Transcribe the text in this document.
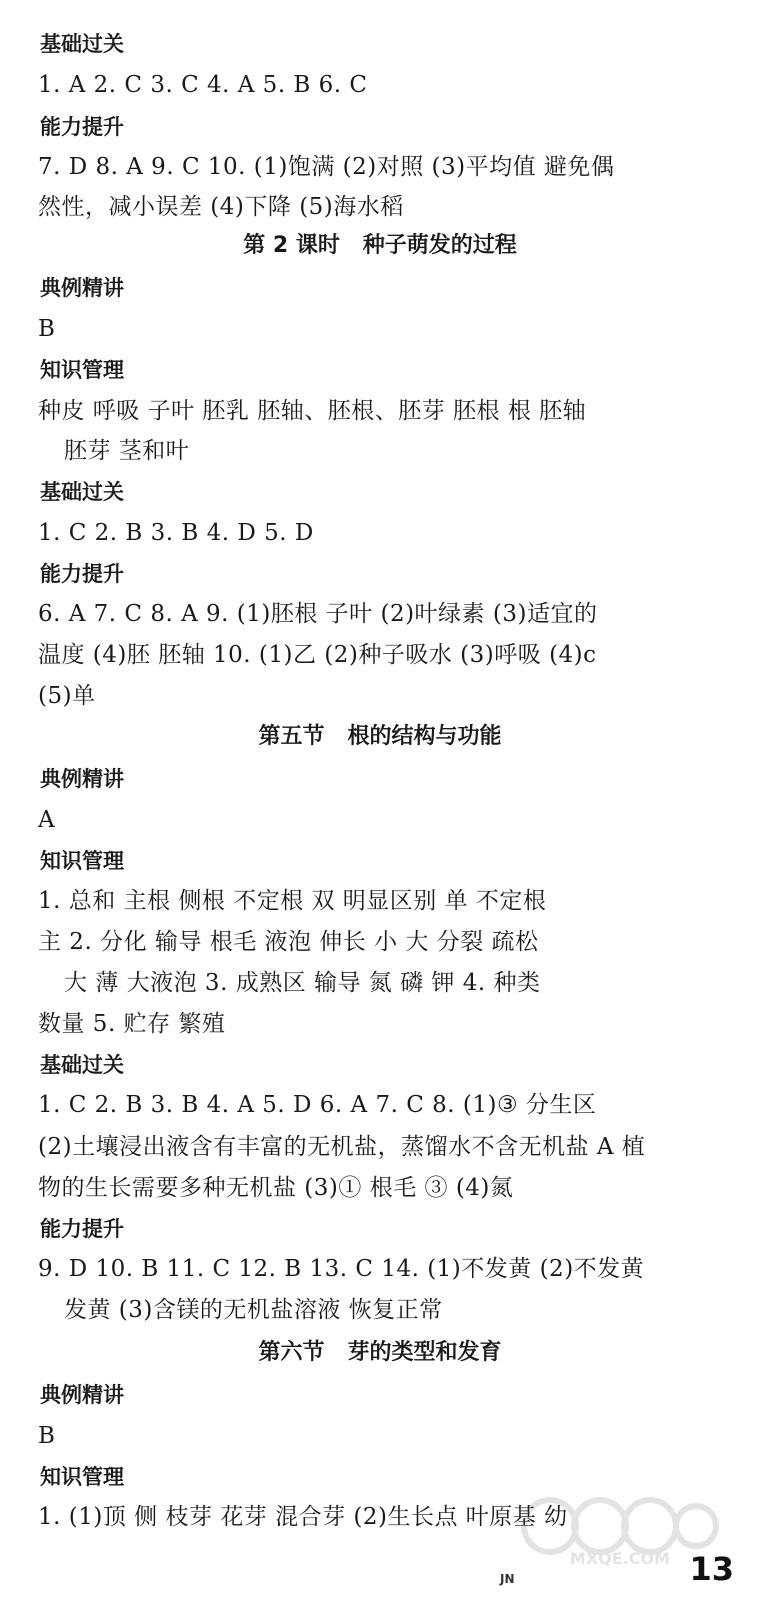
基础过关
1. A 2. C 3. C 4. A 5. B 6. C
能力提升
7. D 8. A 9. C 10. (1)饱满 (2)对照 (3)平均值 避免偶
然性，减小误差 (4)下降 (5)海水稻
第 2 课时   种子萌发的过程
典例精讲
B
知识管理
种皮 呼吸 子叶 胚乳 胚轴、胚根、胚芽 胚根 根 胚轴
胚芽 茎和叶
基础过关
1. C 2. B 3. B 4. D 5. D
能力提升
6. A 7. C 8. A 9. (1)胚根 子叶 (2)叶绿素 (3)适宜的
温度 (4)胚 胚轴 10. (1)乙 (2)种子吸水 (3)呼吸 (4)c
(5)单
第五节   根的结构与功能
典例精讲
A
知识管理
1. 总和 主根 侧根 不定根 双 明显区别 单 不定根
主 2. 分化 输导 根毛 液泡 伸长 小 大 分裂 疏松
大 薄 大液泡 3. 成熟区 输导 氮 磷 钾 4. 种类
数量 5. 贮存 繁殖
基础过关
1. C 2. B 3. B 4. A 5. D 6. A 7. C 8. (1)③ 分生区
(2)土壤浸出液含有丰富的无机盐，蒸馏水不含无机盐 A 植
物的生长需要多种无机盐 (3)① 根毛 ③ (4)氮
能力提升
9. D 10. B 11. C 12. B 13. C 14. (1)不发黄 (2)不发黄
发黄 (3)含镁的无机盐溶液 恢复正常
第六节   芽的类型和发育
典例精讲
B
知识管理
1. (1)顶 侧 枝芽 花芽 混合芽 (2)生长点 叶原基 幼
MXQE.COM
JN	13
